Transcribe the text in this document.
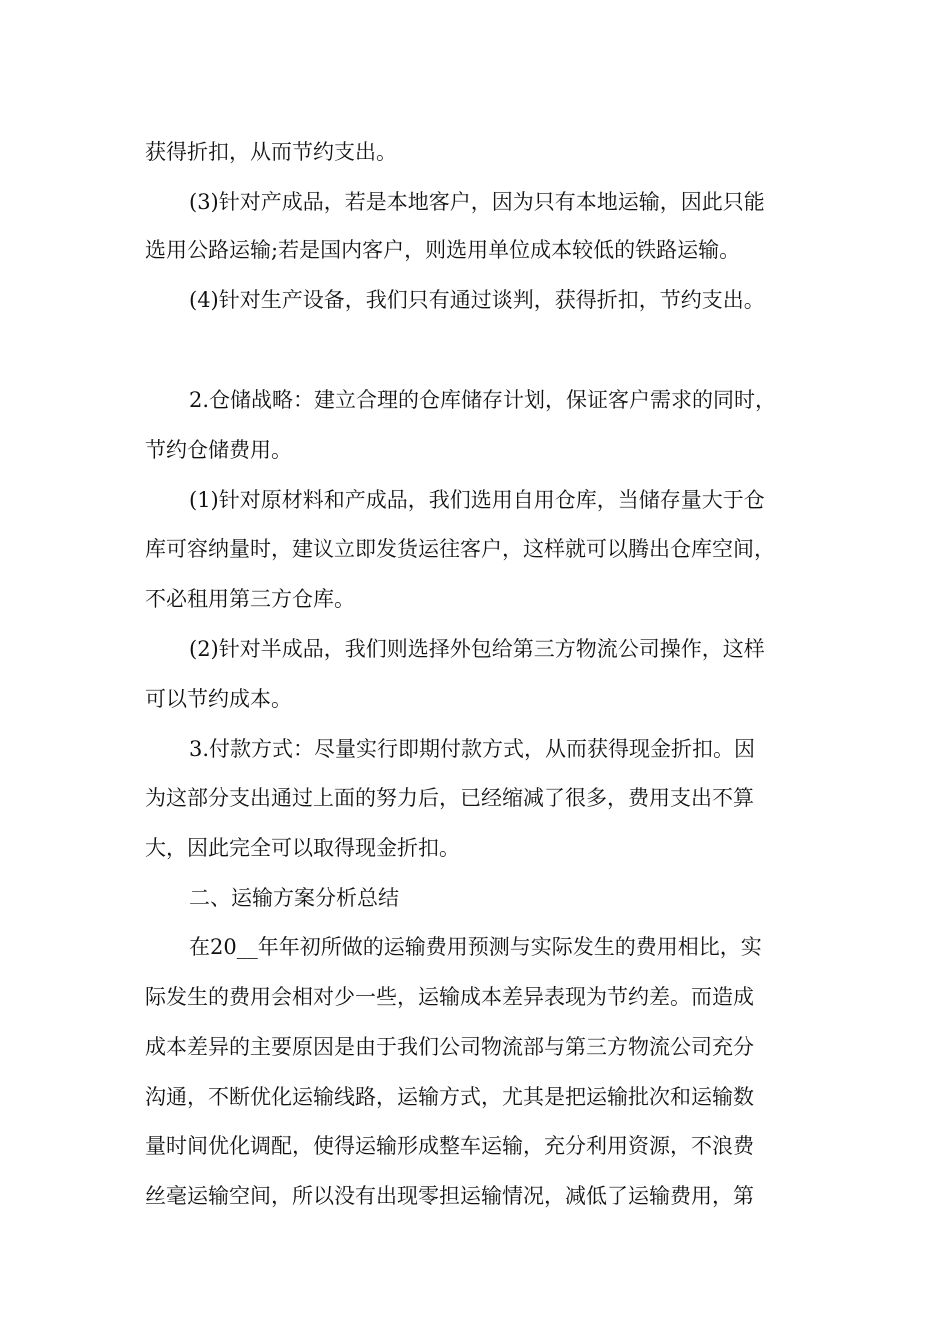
获得折扣，从而节约支出。
(3)针对产成品，若是本地客户，因为只有本地运输，因此只能
选用公路运输;若是国内客户，则选用单位成本较低的铁路运输。
(4)针对生产设备，我们只有通过谈判，获得折扣，节约支出。
2.仓储战略：建立合理的仓库储存计划，保证客户需求的同时，
节约仓储费用。
(1)针对原材料和产成品，我们选用自用仓库，当储存量大于仓
库可容纳量时，建议立即发货运往客户，这样就可以腾出仓库空间，
不必租用第三方仓库。
(2)针对半成品，我们则选择外包给第三方物流公司操作，这样
可以节约成本。
3.付款方式：尽量实行即期付款方式，从而获得现金折扣。因
为这部分支出通过上面的努力后，已经缩减了很多，费用支出不算
大，因此完全可以取得现金折扣。
二、运输方案分析总结
在20__年年初所做的运输费用预测与实际发生的费用相比，实
际发生的费用会相对少一些，运输成本差异表现为节约差。而造成
成本差异的主要原因是由于我们公司物流部与第三方物流公司充分
沟通，不断优化运输线路，运输方式，尤其是把运输批次和运输数
量时间优化调配，使得运输形成整车运输，充分利用资源，不浪费
丝毫运输空间，所以没有出现零担运输情况，减低了运输费用，第
